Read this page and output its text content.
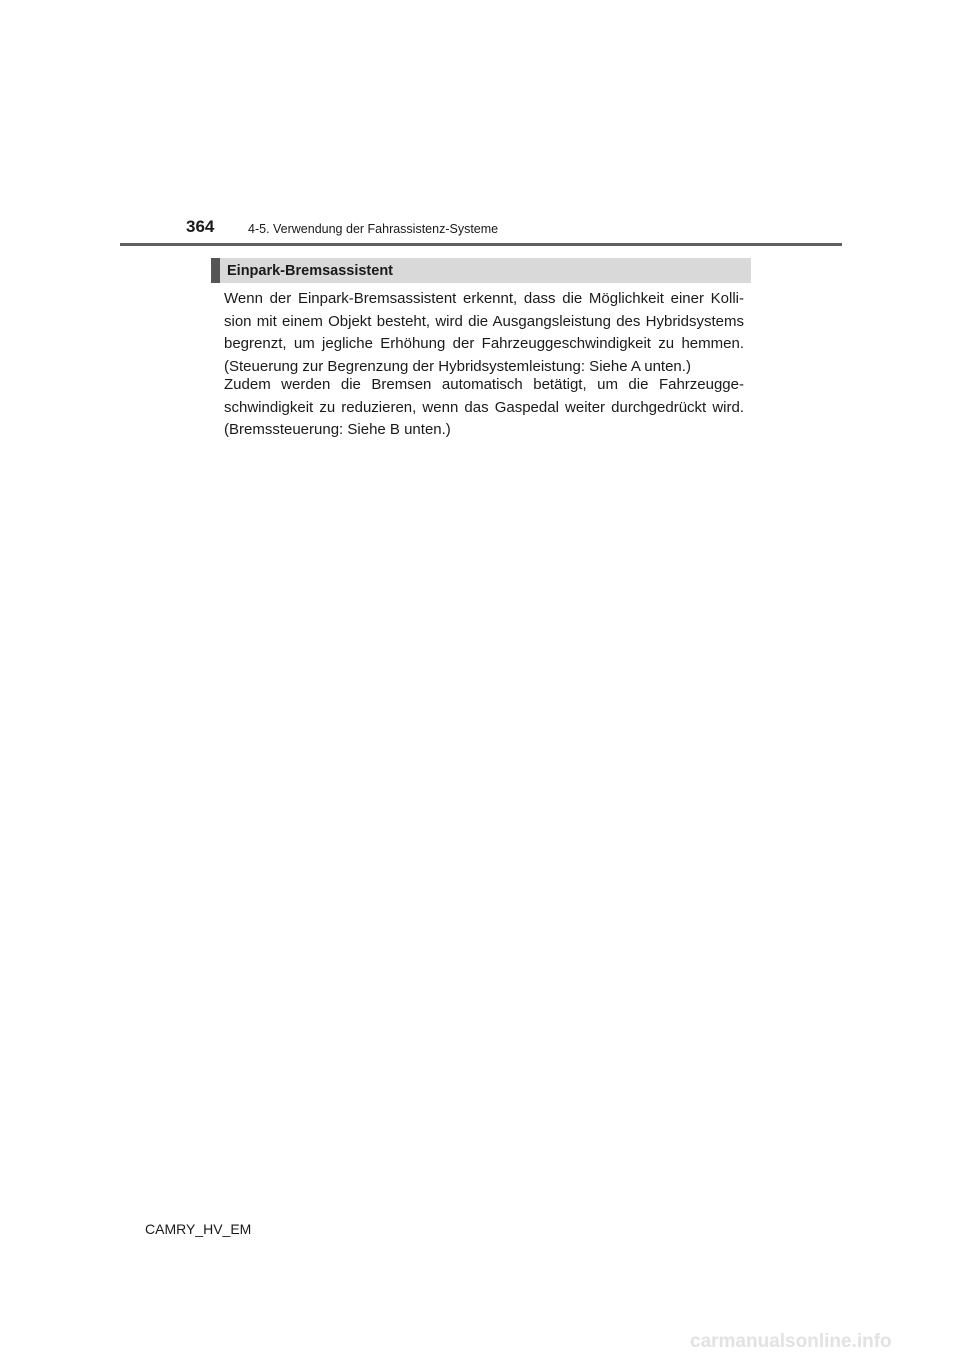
364	4-5. Verwendung der Fahrassistenz-Systeme
Einpark-Bremsassistent

Wenn der Einpark-Bremsassistent erkennt, dass die Möglichkeit einer Kolli-sion mit einem Objekt besteht, wird die Ausgangsleistung des Hybridsystems begrenzt, um jegliche Erhöhung der Fahrzeuggeschwindigkeit zu hemmen. (Steuerung zur Begrenzung der Hybridsystemleistung: Siehe A unten.)

Zudem werden die Bremsen automatisch betätigt, um die Fahrzeugge-schwindigkeit zu reduzieren, wenn das Gaspedal weiter durchgedrückt wird. (Bremssteuerung: Siehe B unten.)

CAMRY_HV_EM
carmanualsonline.info
